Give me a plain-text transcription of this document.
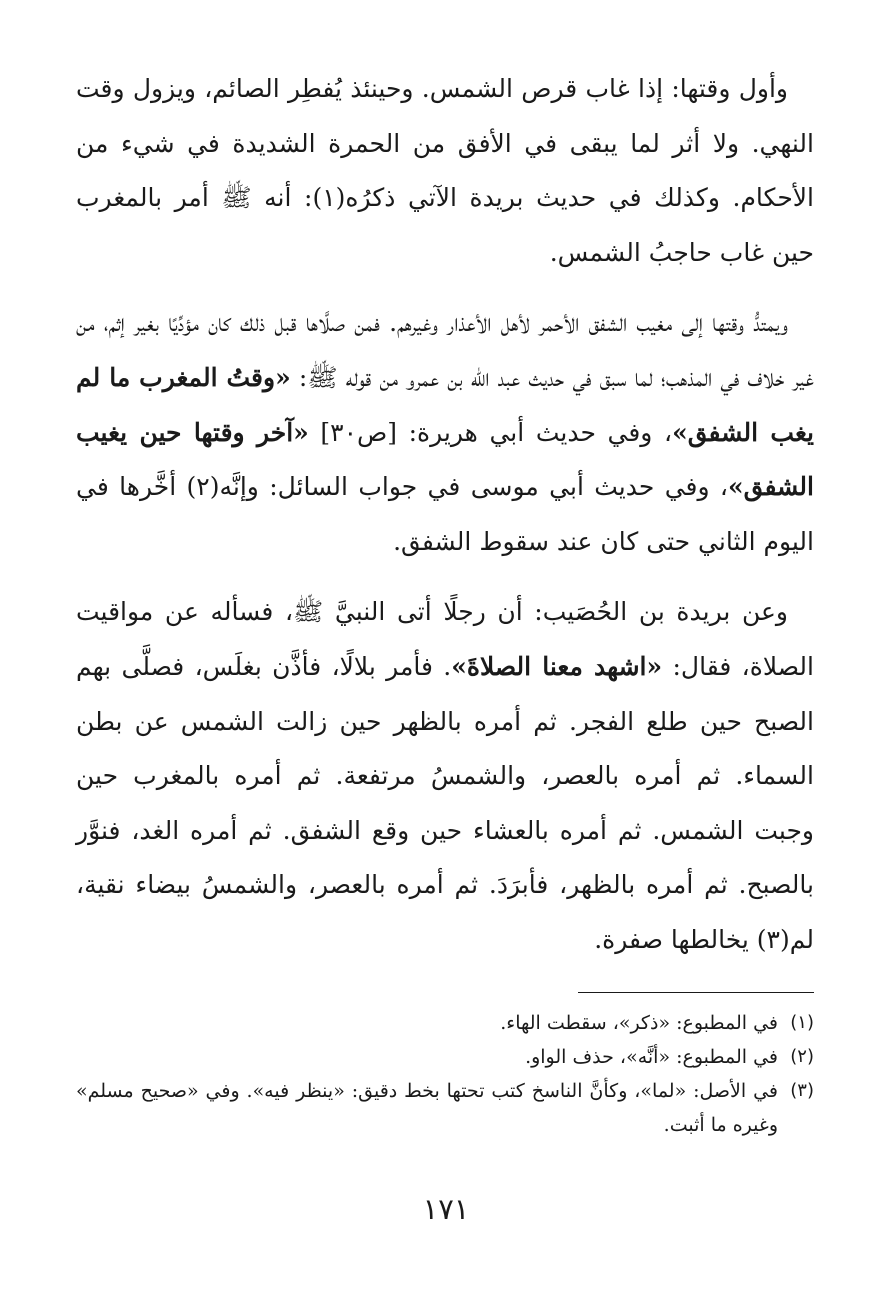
وأول وقتها: إذا غاب قرص الشمس. وحينئذ يُفطِر الصائم، ويزول وقت النهي. ولا أثر لما يبقى في الأفق من الحمرة الشديدة في شيء من الأحكام. وكذلك في حديث بريدة الآتي ذكرُه(١): أنه ﷺ أمر بالمغرب حين غاب حاجبُ الشمس.

ويمتدُّ وقتها إلى مغيب الشفق الأحمر لأهل الأعذار وغيرهم. فمن صلَّاها قبل ذلك كان مؤدِّيًا بغير إثم، من غير خلاف في المذهب؛ لما سبق في حديث عبد الله بن عمرو من قوله ﷺ: «وقتُ المغرب ما لم يغب الشفق»، وفي حديث أبي هريرة: [ص٣٠] «آخر وقتها حين يغيب الشفق»، وفي حديث أبي موسى في جواب السائل: وإنَّه(٢) أخَّرها في اليوم الثاني حتى كان عند سقوط الشفق.

وعن بريدة بن الحُصَيب: أن رجلًا أتى النبيَّ ﷺ، فسأله عن مواقيت الصلاة، فقال: «اشهد معنا الصلاةَ». فأمر بلالًا، فأذَّن بغلَس، فصلَّى بهم الصبح حين طلع الفجر. ثم أمره بالظهر حين زالت الشمس عن بطن السماء. ثم أمره بالعصر، والشمسُ مرتفعة. ثم أمره بالمغرب حين وجبت الشمس. ثم أمره بالعشاء حين وقع الشفق. ثم أمره الغد، فنوَّر بالصبح. ثم أمره بالظهر، فأبرَدَ. ثم أمره بالعصر، والشمسُ بيضاء نقية، لم(٣) يخالطها صفرة.

(١)
في المطبوع: «ذكر»، سقطت الهاء.
(٢)
في المطبوع: «أنَّه»، حذف الواو.
(٣)
في الأصل: «لما»، وكأنَّ الناسخ كتب تحتها بخط دقيق: «ينظر فيه». وفي «صحيح مسلم» وغيره ما أثبت.
١٧١
